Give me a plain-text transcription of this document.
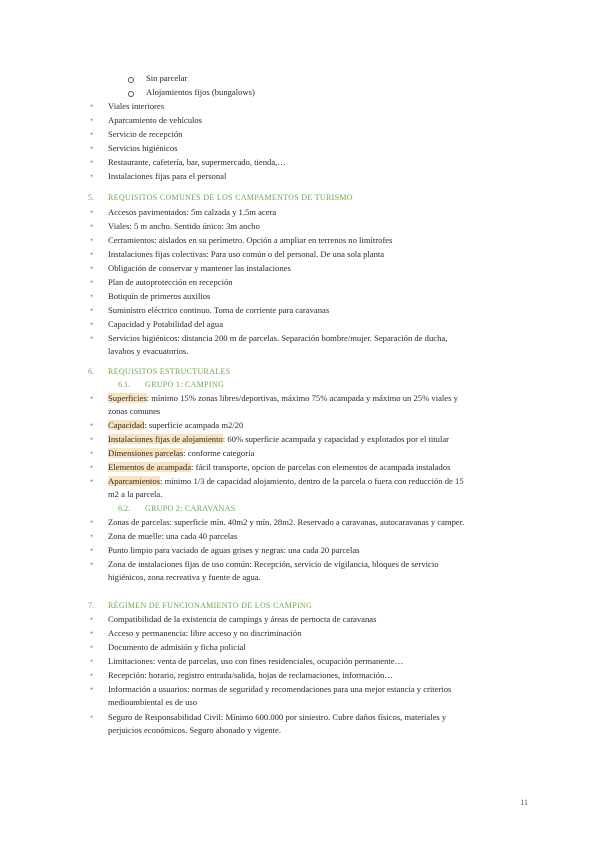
Sin parcelar
Alojamientos fijos (bungalows)
• Viales interiores
• Aparcamiento de vehículos
• Servicio de recepción
• Servicios higiénicos
• Restaurante, cafetería, bar, supermercado, tienda,…
• Instalaciones fijas para el personal
5. REQUISITOS COMUNES DE LOS CAMPAMENTOS DE TURISMO
• Accesos pavimentados: 5m calzada y 1.5m acera
• Viales: 5 m ancho. Sentido único: 3m ancho
• Cerramientos: aislados en su perímetro. Opción a ampliar en terrenos no limítrofes
• Instalaciones fijas colectivas: Para uso común o del personal. De una sola planta
• Obligación de conservar y mantener las instalaciones
• Plan de autoprotección en recepción
• Botiquín de primeros auxilios
• Suministro eléctrico continuo. Toma de corriente para caravanas
• Capacidad y Potabilidad del agua
• Servicios higiénicos: distancia 200 m de parcelas. Separación hombre/mujer. Separación de ducha,
lavabos y evacuatorios.
6. REQUISITOS ESTRUCTURALES
6.1. GRUPO 1: CAMPING
• Superficies: mínimo 15% zonas libres/deportivas, máximo 75% acampada y máximo un 25% viales y
zonas comunes
• Capacidad: superficie acampada m2/20
• Instalaciones fijas de alojamiento: 60% superficie acampada y capacidad y explotados por el titular
• Dimensiones parcelas: conforme categoría
• Elementos de acampada: fácil transporte, opcion de parcelas con elementos de acampada instalados
• Aparcamientos: mínimo 1/3 de capacidad alojamiento, dentro de la parcela o fuera con reducción de 15
m2 a la parcela.
6.2. GRUPO 2: CARAVANAS
• Zonas de parcelas: superficie mín. 40m2 y mín. 28m2. Reservado a caravanas, autocaravanas y camper.
• Zona de muelle: una cada 40 parcelas
• Punto limpio para vaciado de aguas grises y negras: una cada 20 parcelas
• Zona de instalaciones fijas de uso común: Recepción, servicio de vigilancia, bloques de servicio
higiénicos, zona recreativa y fuente de agua.
7. RÉGIMEN DE FUNCIONAMIENTO DE LOS CAMPING
• Compatibilidad de la existencia de campings y áreas de pernocta de caravanas
• Acceso y permanencia: libre acceso y no discriminación
• Documento de admisión y ficha policial
• Limitaciones: venta de parcelas, uso con fines residenciales, ocupación permanente…
• Recepción: horario, registro entrada/salida, hojas de reclamaciones, información…
• Información a usuarios: normas de seguridad y recomendaciones para una mejor estancia y criterios
medioambiental es de uso
• Seguro de Responsabilidad Civil: Mínimo 600.000 por siniestro. Cubre daños físicos, materiales y
perjuicios económicos. Seguro abonado y vigente.
11
